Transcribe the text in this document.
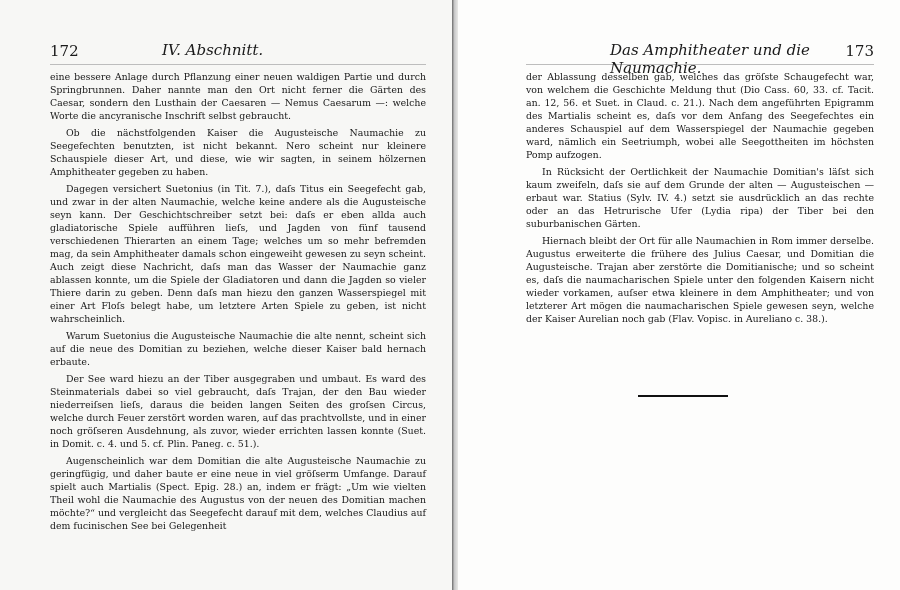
172	IV. Abschnitt.

eine bessere Anlage durch Pflanzung einer neuen waldigen Partie und durch Springbrunnen. Daher nannte man den Ort nicht ferner die Gärten des Caesar, sondern den Lusthain der Caesaren — Nemus Caesarum —: welche Worte die ancyranische Inschrift selbst gebraucht.

Ob die nächstfolgenden Kaiser die Augusteische Naumachie zu Seegefechten benutzten, ist nicht bekannt. Nero scheint nur kleinere Schauspiele dieser Art, und diese, wie wir sagten, in seinem hölzernen Amphitheater gegeben zu haben.

Dagegen versichert Suetonius (in Tit. 7.), daſs Titus ein Seegefecht gab, und zwar in der alten Naumachie, welche keine andere als die Augusteische seyn kann. Der Geschichtschreiber setzt bei: daſs er eben allda auch gladiatorische Spiele aufführen lieſs, und Jagden von fünf tausend verschiedenen Thierarten an einem Tage; welches um so mehr befremden mag, da sein Amphitheater damals schon eingeweiht gewesen zu seyn scheint. Auch zeigt diese Nachricht, daſs man das Wasser der Naumachie ganz ablassen konnte, um die Spiele der Gladiatoren und dann die Jagden so vieler Thiere darin zu geben. Denn daſs man hiezu den ganzen Wasserspiegel mit einer Art Floſs belegt habe, um letztere Arten Spiele zu geben, ist nicht wahrscheinlich.

Warum Suetonius die Augusteische Naumachie die alte nennt, scheint sich auf die neue des Domitian zu beziehen, welche dieser Kaiser bald hernach erbaute.

Der See ward hiezu an der Tiber ausgegraben und umbaut. Es ward des Steinmaterials dabei so viel gebraucht, daſs Trajan, der den Bau wieder niederreiſsen lieſs, daraus die beiden langen Seiten des groſsen Circus, welche durch Feuer zerstört worden waren, auf das prachtvollste, und in einer noch gröſseren Ausdehnung, als zuvor, wieder errichten lassen konnte (Suet. in Domit. c. 4. und 5. cf. Plin. Paneg. c. 51.).

Augenscheinlich war dem Domitian die alte Augusteische Naumachie zu geringfügig, und daher baute er eine neue in viel gröſserm Umfange. Darauf spielt auch Martialis (Spect. Epig. 28.) an, indem er frägt: „Um wie vielten Theil wohl die Naumachie des Augustus von der neuen des Domitian machen möchte?“ und vergleicht das Seegefecht darauf mit dem, welches Claudius auf dem fucinischen See bei Gelegenheit

Das Amphitheater und die Naumachie.
173

der Ablassung desselben gab, welches das gröſste Schaugefecht war, von welchem die Geschichte Meldung thut (Dio Cass. 60, 33. cf. Tacit. an. 12, 56. et Suet. in Claud. c. 21.). Nach dem angeführten Epigramm des Martialis scheint es, daſs vor dem Anfang des Seegefechtes ein anderes Schauspiel auf dem Wasserspiegel der Naumachie gegeben ward, nämlich ein Seetriumph, wobei alle Seegottheiten im höchsten Pomp aufzogen.

In Rücksicht der Oertlichkeit der Naumachie Domitian's läſst sich kaum zweifeln, daſs sie auf dem Grunde der alten — Augusteischen — erbaut war. Statius (Sylv. IV. 4.) setzt sie ausdrücklich an das rechte oder an das Hetrurische Ufer (Lydia ripa) der Tiber bei den suburbanischen Gärten.

Hiernach bleibt der Ort für alle Naumachien in Rom immer derselbe. Augustus erweiterte die frühere des Julius Caesar, und Domitian die Augusteische. Trajan aber zerstörte die Domitianische; und so scheint es, daſs die naumacharischen Spiele unter den folgenden Kaisern nicht wieder vorkamen, auſser etwa kleinere in dem Amphitheater; und von letzterer Art mögen die naumacharischen Spiele gewesen seyn, welche der Kaiser Aurelian noch gab (Flav. Vopisc. in Aureliano c. 38.).
